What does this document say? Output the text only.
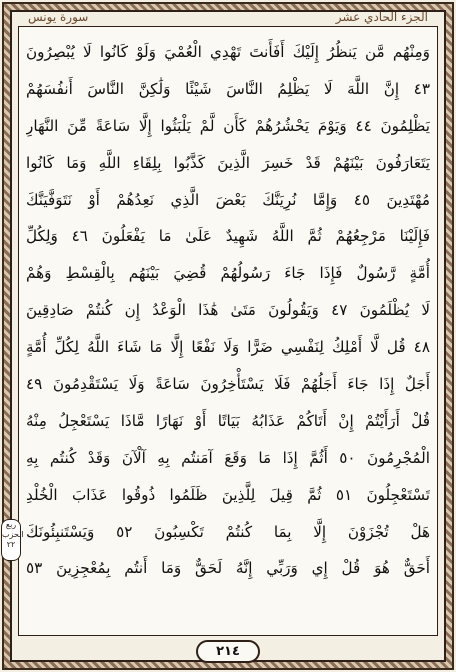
الجزء الحادي عشر
سورة يونس
وَمِنْهُم مَّن يَنظُرُ إِلَيْكَ أَفَأَنتَ تَهْدِي الْعُمْيَ وَلَوْ كَانُوا لَا يُبْصِرُونَ
٤٣ إِنَّ اللَّهَ لَا يَظْلِمُ النَّاسَ شَيْئًا وَلَٰكِنَّ النَّاسَ أَنفُسَهُمْ
يَظْلِمُونَ ٤٤ وَيَوْمَ يَحْشُرُهُمْ كَأَن لَّمْ يَلْبَثُوا إِلَّا سَاعَةً مِّنَ النَّهَارِ
يَتَعَارَفُونَ بَيْنَهُمْ قَدْ خَسِرَ الَّذِينَ كَذَّبُوا بِلِقَاءِ اللَّهِ وَمَا كَانُوا
مُهْتَدِينَ ٤٥ وَإِمَّا نُرِيَنَّكَ بَعْضَ الَّذِي نَعِدُهُمْ أَوْ نَتَوَفَّيَنَّكَ
فَإِلَيْنَا مَرْجِعُهُمْ ثُمَّ اللَّهُ شَهِيدٌ عَلَىٰ مَا يَفْعَلُونَ ٤٦ وَلِكُلِّ
أُمَّةٍ رَّسُولٌ فَإِذَا جَاءَ رَسُولُهُمْ قُضِيَ بَيْنَهُم بِالْقِسْطِ وَهُمْ
لَا يُظْلَمُونَ ٤٧ وَيَقُولُونَ مَتَىٰ هَٰذَا الْوَعْدُ إِن كُنتُمْ صَادِقِينَ
٤٨ قُل لَّا أَمْلِكُ لِنَفْسِي ضَرًّا وَلَا نَفْعًا إِلَّا مَا شَاءَ اللَّهُ لِكُلِّ أُمَّةٍ
أَجَلٌ إِذَا جَاءَ أَجَلُهُمْ فَلَا يَسْتَأْخِرُونَ سَاعَةً وَلَا يَسْتَقْدِمُونَ ٤٩
قُلْ أَرَأَيْتُمْ إِنْ أَتَاكُمْ عَذَابُهُ بَيَاتًا أَوْ نَهَارًا مَّاذَا يَسْتَعْجِلُ مِنْهُ
الْمُجْرِمُونَ ٥٠ أَثُمَّ إِذَا مَا وَقَعَ آمَنتُم بِهِ آلْآنَ وَقَدْ كُنتُم بِهِ
تَسْتَعْجِلُونَ ٥١ ثُمَّ قِيلَ لِلَّذِينَ ظَلَمُوا ذُوقُوا عَذَابَ الْخُلْدِ
هَلْ تُجْزَوْنَ إِلَّا بِمَا كُنتُمْ تَكْسِبُونَ ٥٢ وَيَسْتَنبِئُونَكَ
أَحَقٌّ هُوَ قُلْ إِي وَرَبِّي إِنَّهُ لَحَقٌّ وَمَا أَنتُم بِمُعْجِزِينَ ٥٣
ربع الحزب ٢٢
٢١٤
